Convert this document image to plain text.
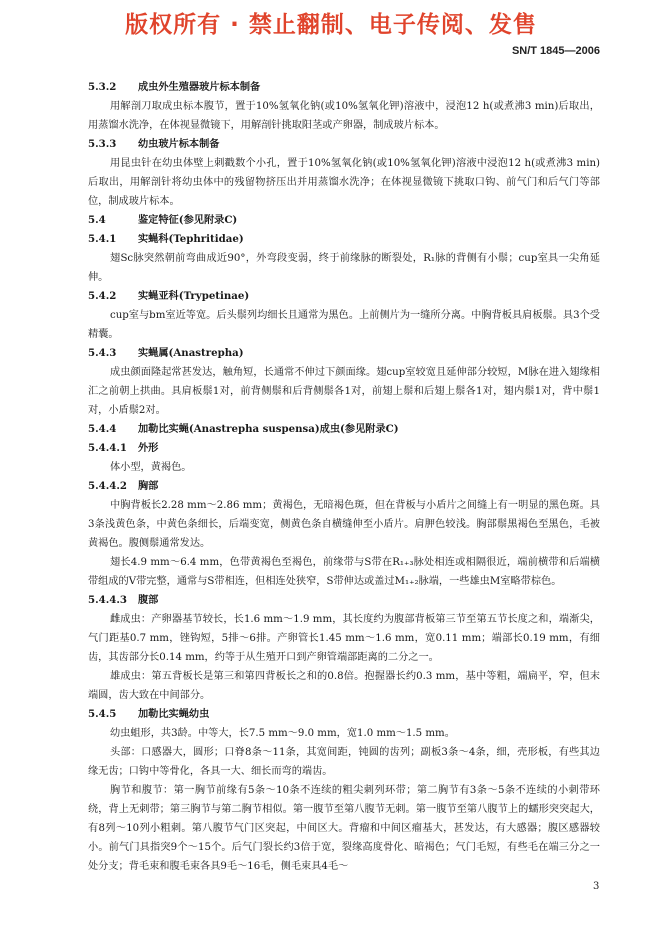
版权所有 · 禁止翻制、电子传阅、发售
SN/T 1845—2006
5.3.2 成虫外生殖器玻片标本制备
用解剖刀取成虫标本腹节，置于10%氢氧化钠(或10%氢氧化钾)溶液中，浸泡12 h(或煮沸3 min)后取出，用蒸馏水洗净，在体视显微镜下，用解剖针挑取阳茎或产卵器，制成玻片标本。
5.3.3 幼虫玻片标本制备
用昆虫针在幼虫体壁上刺戳数个小孔，置于10%氢氧化钠(或10%氢氧化钾)溶液中浸泡12 h(或煮沸3 min)后取出，用解剖针将幼虫体中的残留物挤压出并用蒸馏水洗净；在体视显微镜下挑取口钩、前气门和后气门等部位，制成玻片标本。
5.4	鉴定特征(参见附录C)
5.4.1 实蝇科(Tephritidae)
翅Sc脉突然朝前弯曲成近90°，外弯段变弱，终于前缘脉的断裂处，R₁脉的背侧有小鬃；cup室具一尖角延伸。
5.4.2 实蝇亚科(Trypetinae)
cup室与bm室近等宽。后头鬃列均细长且通常为黑色。上前侧片为一缝所分离。中胸背板具肩板鬃。具3个受精囊。
5.4.3 实蝇属(Anastrepha)
成虫颜面隆起常甚发达，触角短，长通常不伸过下颜面缘。翅cup室较宽且延伸部分较短，M脉在进入翅缘相汇之前朝上拱曲。具肩板鬃1对，前背侧鬃和后背侧鬃各1对，前翅上鬃和后翅上鬃各1对，翅内鬃1对，背中鬃1对，小盾鬃2对。
5.4.4 加勒比实蝇(Anastrepha suspensa)成虫(参见附录C)
5.4.4.1 外形
体小型，黄褐色。
5.4.4.2 胸部
中胸背板长2.28 mm～2.86 mm；黄褐色，无暗褐色斑，但在背板与小盾片之间缝上有一明显的黑色斑。具3条浅黄色条，中黄色条细长，后端变宽，侧黄色条自横缝伸至小盾片。肩胛色较浅。胸部鬃黑褐色至黑色，毛被黄褐色。腹侧鬃通常发达。
翅长4.9 mm～6.4 mm，色带黄褐色至褐色，前缘带与S带在R₁₊₃脉处相连或相隔很近，端前横带和后端横带组成的V带完整，通常与S带相连，但相连处狭窄，S带伸达或盖过M₁₊₂脉端，一些雄虫M室略带棕色。
5.4.4.3 腹部
雌成虫：产卵器基节较长，长1.6 mm～1.9 mm，其长度约为腹部背板第三节至第五节长度之和，端渐尖，气门距基0.7 mm，锉钩短，5排～6排。产卵管长1.45 mm～1.6 mm，宽0.11 mm；端部长0.19 mm，有细齿，其齿部分长0.14 mm，约等于从生殖开口到产卵管端部距离的二分之一。
雄成虫：第五背板长是第三和第四背板长之和的0.8倍。抱握器长约0.3 mm，基中等粗，端扁平，窄，但末端圆，齿大致在中间部分。
5.4.5 加勒比实蝇幼虫
幼虫蛆形，共3龄。中等大，长7.5 mm～9.0 mm，宽1.0 mm～1.5 mm。
头部：口感器大，圆形；口脊8条～11条，其宽间距，钝圆的齿列；副板3条～4条，细，壳形板，有些其边缘无齿；口钩中等骨化，各具一大、细长而弯的端齿。
胸节和腹节：第一胸节前缘有5条～10条不连续的粗尖刺列环带；第二胸节有3条～5条不连续的小刺带环绕，背上无刺带；第三胸节与第二胸节相似。第一腹节至第八腹节无刺。第一腹节至第八腹节上的蠕形突突起大，有8列～10列小粗刺。第八腹节气门区突起，中间区大。背瘤和中间区瘤基大，甚发达，有大感器；腹区感器较小。前气门具指突9个～15个。后气门裂长约3倍于宽，裂缘高度骨化、暗褐色；气门毛短，有些毛在端三分之一处分支；背毛束和腹毛束各具9毛～16毛，侧毛束具4毛～
3
